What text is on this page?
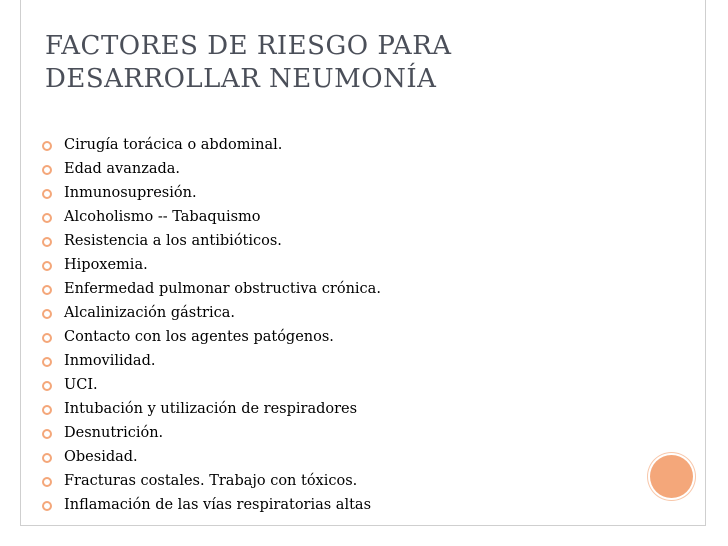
FACTORES DE RIESGO PARA
DESARROLLAR NEUMONÍA
Cirugía torácica o abdominal.
Edad avanzada.
Inmunosupresión.
Alcoholismo -- Tabaquismo
Resistencia a los antibióticos.
Hipoxemia.
Enfermedad pulmonar obstructiva crónica.
Alcalinización gástrica.
Contacto con los agentes patógenos.
Inmovilidad.
UCI.
Intubación y utilización de respiradores
Desnutrición.
Obesidad.
Fracturas costales. Trabajo con tóxicos.
Inflamación de las vías respiratorias altas
